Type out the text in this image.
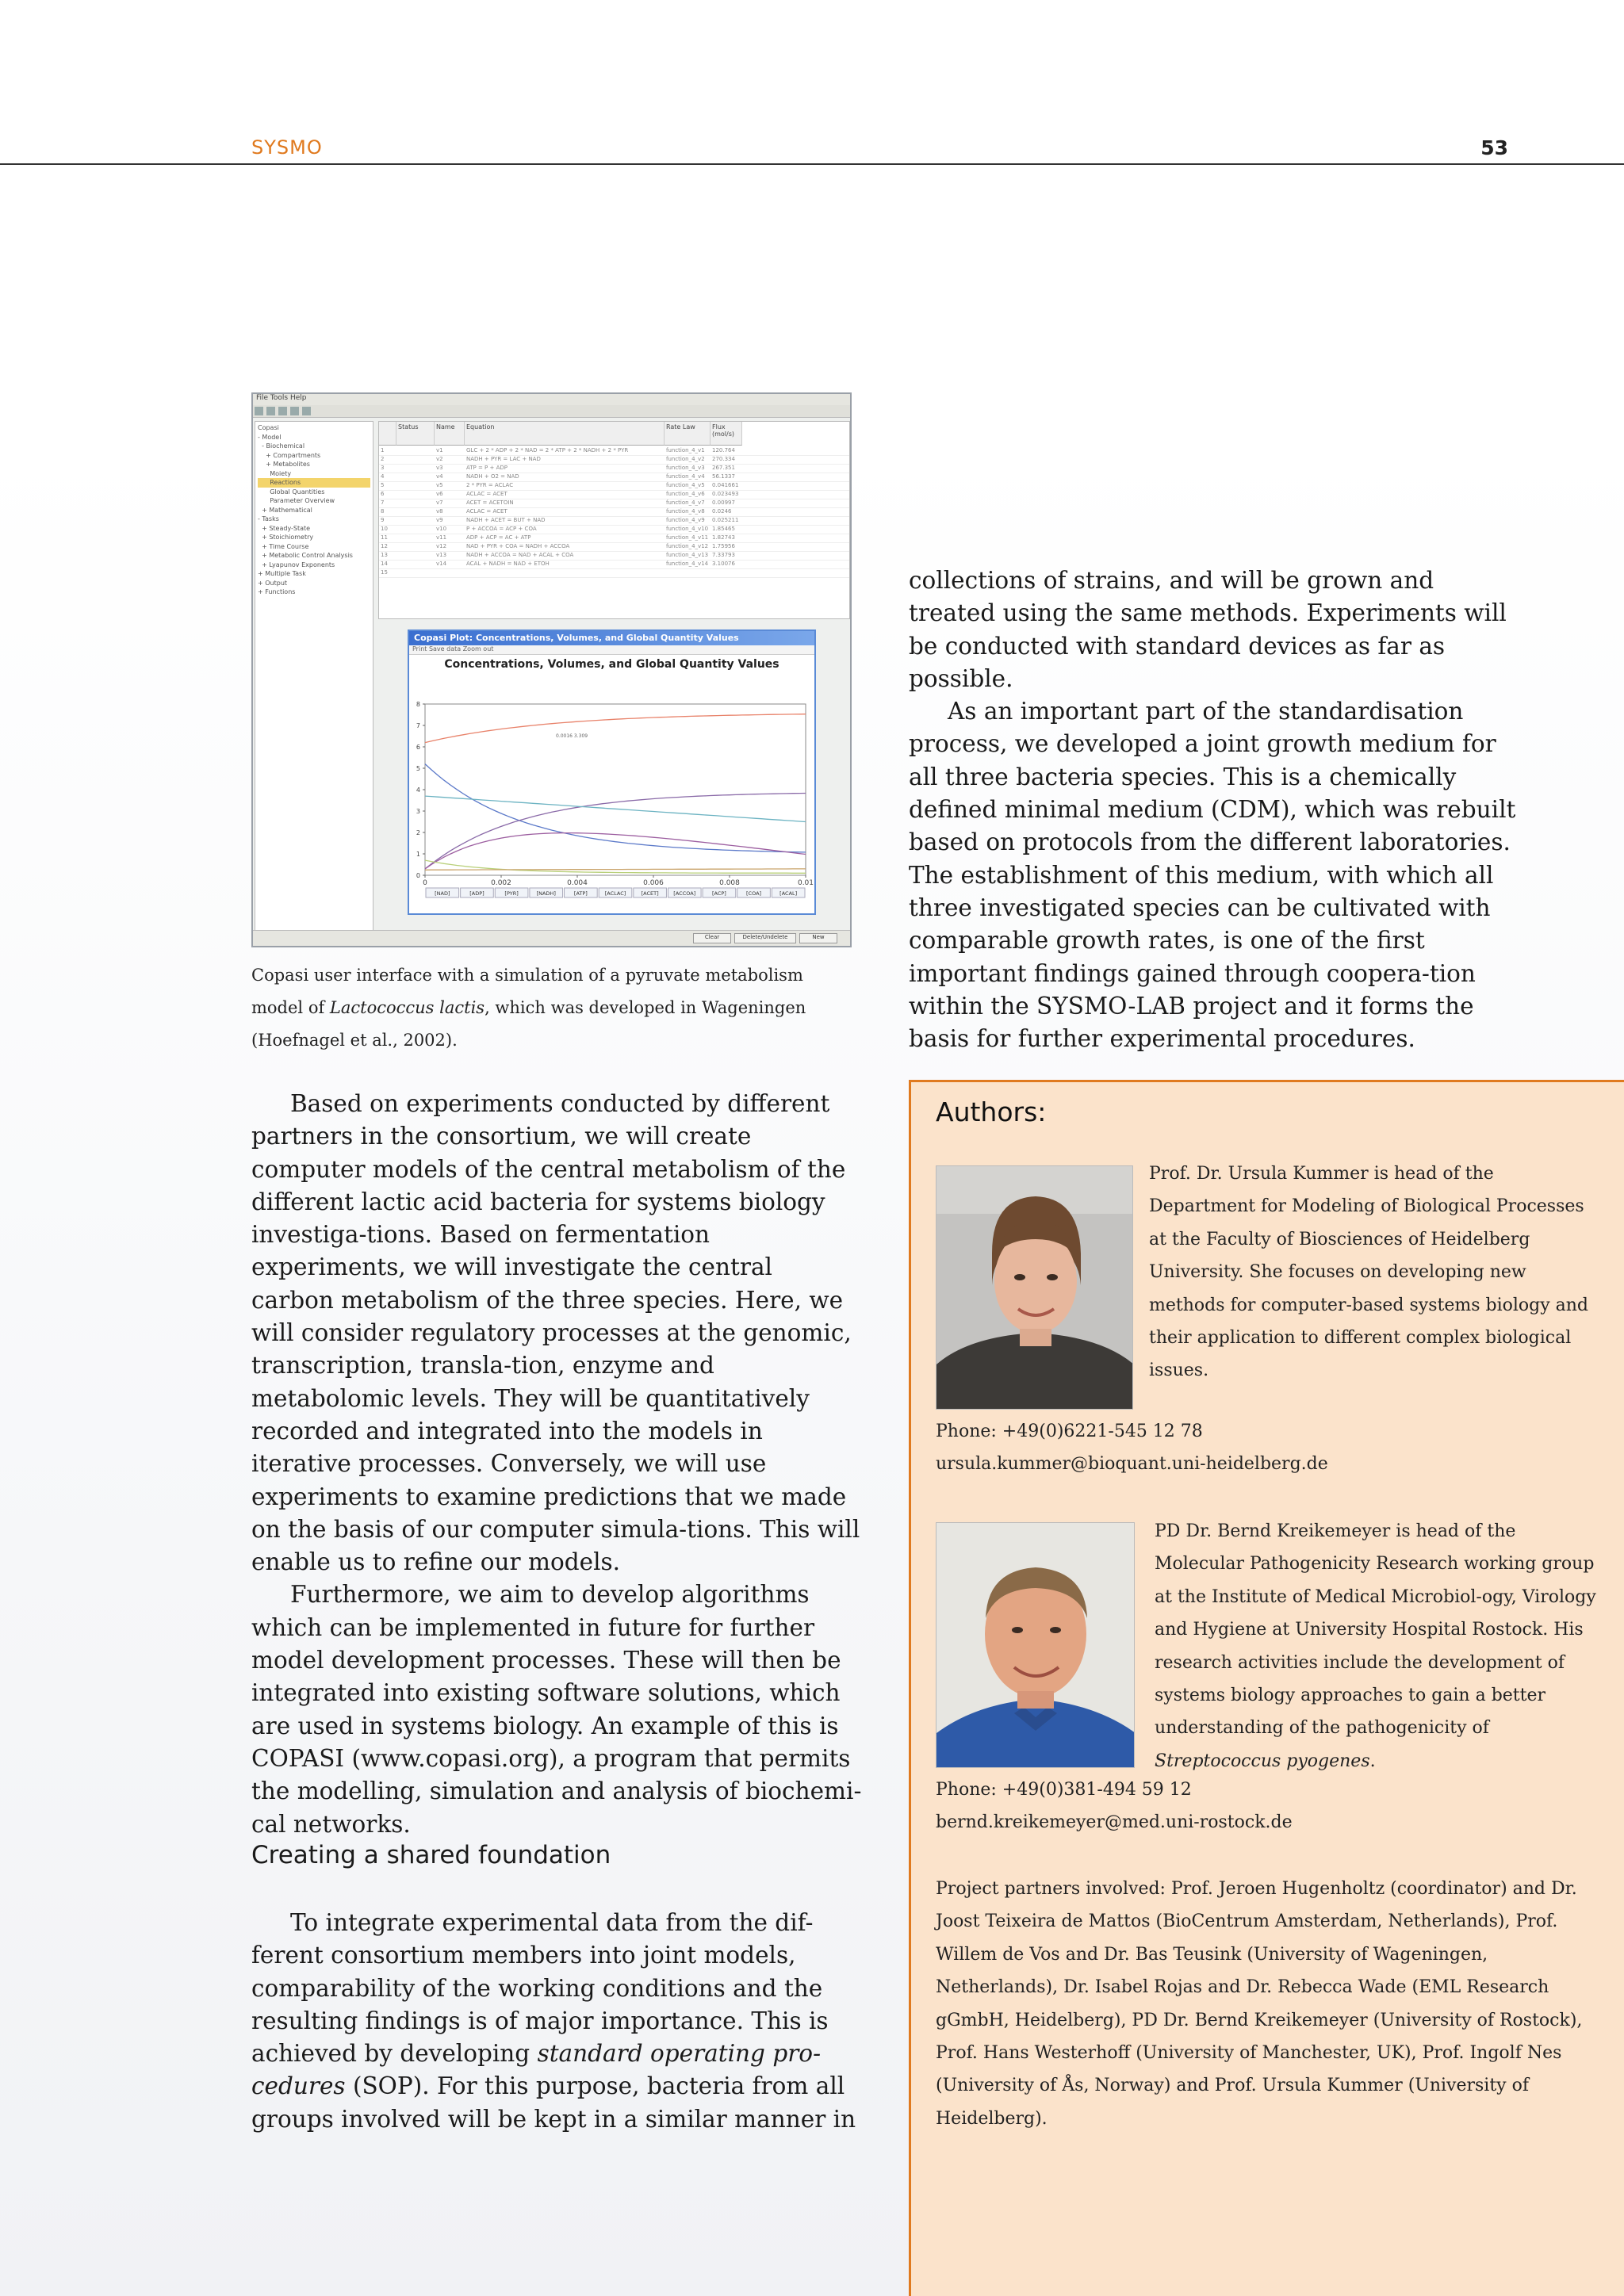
SYSMO	53
File Tools Help
Copasi
- Model
- Biochemical
+ Compartments
+ Metabolites
Moiety
Reactions
Global Quantities
Parameter Overview
+ Mathematical
- Tasks
+ Steady-State
+ Stoichiometry
+ Time Course
+ Metabolic Control Analysis
+ Lyapunov Exponents
+ Multiple Task
+ Output
+ Functions
Status	Name	Equation	Rate Law	Flux (mol/s)
1	v1	GLC + 2 * ADP + 2 * NAD = 2 * ATP + 2 * NADH + 2 * PYR	function_4_v1	120.764
2	v2	NADH + PYR = LAC + NAD	function_4_v2	270.334
3	v3	ATP = P + ADP	function_4_v3	267.351
4	v4	NADH + O2 = NAD	function_4_v4	56.1337
5	v5	2 * PYR = ACLAC	function_4_v5	0.041661
6	v6	ACLAC = ACET	function_4_v6	0.023493
7	v7	ACET = ACETOIN	function_4_v7	0.00997
8	v8	ACLAC = ACET	function_4_v8	0.0246
9	v9	NADH + ACET = BUT + NAD	function_4_v9	0.025211
10	v10	P + ACCOA = ACP + COA	function_4_v10 1.85465
11	v11	ADP + ACP = AC + ATP	function_4_v11 1.82743
12	v12	NAD + PYR + COA = NADH + ACCOA	function_4_v12 1.75956
13	v13	NADH + ACCOA = NAD + ACAL + COA	function_4_v13 7.33793
14	v14	ACAL + NADH = NAD + ETOH	function_4_v14 3.10076
15
Copasi Plot: Concentrations, Volumes, and Global Quantity Values
Print Save data Zoom out
Concentrations, Volumes, and Global Quantity Values
0
1
2
3
4
5
6
7
8
0	0.002	0.004	0.006	0.008	0.01
0.0016 3.309
[NAD]	[ADP]	[PYR]	[NADH]	[ATP]	[ACLAC]	[ACET]	[ACCOA]	[ACP]	[COA]	[ACAL]
Clear	Delete/Undelete	New
Copasi user interface with a simulation of a pyruvate metabolism model of Lactococcus lactis, which was developed in Wageningen (Hoefnagel et al., 2002).

Based on experiments conducted by different partners in the consortium, we will create computer models of the central metabolism of the different lactic acid bacteria for systems biology investiga-tions. Based on fermentation experiments, we will investigate the central carbon metabolism of the three species. Here, we will consider regulatory processes at the genomic, transcription, transla-tion, enzyme and metabolomic levels. They will be quantitatively recorded and integrated into the models in iterative processes. Conversely, we will use experiments to examine predictions that we made on the basis of our computer simula-tions. This will enable us to refine our models.

Furthermore, we aim to develop algorithms which can be implemented in future for further model development processes. These will then be integrated into existing software solutions, which are used in systems biology. An example of this is COPASI (www.copasi.org), a program that permits the modelling, simulation and analysis of biochemi-cal networks.

Creating a shared foundation

To integrate experimental data from the dif-ferent consortium members into joint models, comparability of the working conditions and the resulting findings is of major importance. This is achieved by developing standard operating pro-cedures (SOP). For this purpose, bacteria from all groups involved will be kept in a similar manner in

collections of strains, and will be grown and treated using the same methods. Experiments will be conducted with standard devices as far as possible.

As an important part of the standardisation process, we developed a joint growth medium for all three bacteria species. This is a chemically defined minimal medium (CDM), which was rebuilt based on protocols from the different laboratories. The establishment of this medium, with which all three investigated species can be cultivated with comparable growth rates, is one of the first important findings gained through coopera-tion within the SYSMO-LAB project and it forms the basis for further experimental procedures.

Authors:
Prof. Dr. Ursula Kummer is head of the Department for Modeling of Biological Processes at the Faculty of Biosciences of Heidelberg University. She focuses on developing new methods for computer-based systems biology and their application to different complex biological issues.
Phone: +49(0)6221-545 12 78
ursula.kummer@bioquant.uni-heidelberg.de
PD Dr. Bernd Kreikemeyer is head of the Molecular Pathogenicity Research working group at the Institute of Medical Microbiol-ogy, Virology and Hygiene at University Hospital Rostock. His research activities include the development of systems biology approaches to gain a better understanding of the pathogenicity of Streptococcus pyogenes.
Phone: +49(0)381-494 59 12
bernd.kreikemeyer@med.uni-rostock.de
Project partners involved: Prof. Jeroen Hugenholtz (coordinator) and Dr. Joost Teixeira de Mattos (BioCentrum Amsterdam, Netherlands), Prof. Willem de Vos and Dr. Bas Teusink (University of Wageningen, Netherlands), Dr. Isabel Rojas and Dr. Rebecca Wade (EML Research gGmbH, Heidelberg), PD Dr. Bernd Kreikemeyer (University of Rostock), Prof. Hans Westerhoff (University of Manchester, UK), Prof. Ingolf Nes (University of Ås, Norway) and Prof. Ursula Kummer (University of Heidelberg).
